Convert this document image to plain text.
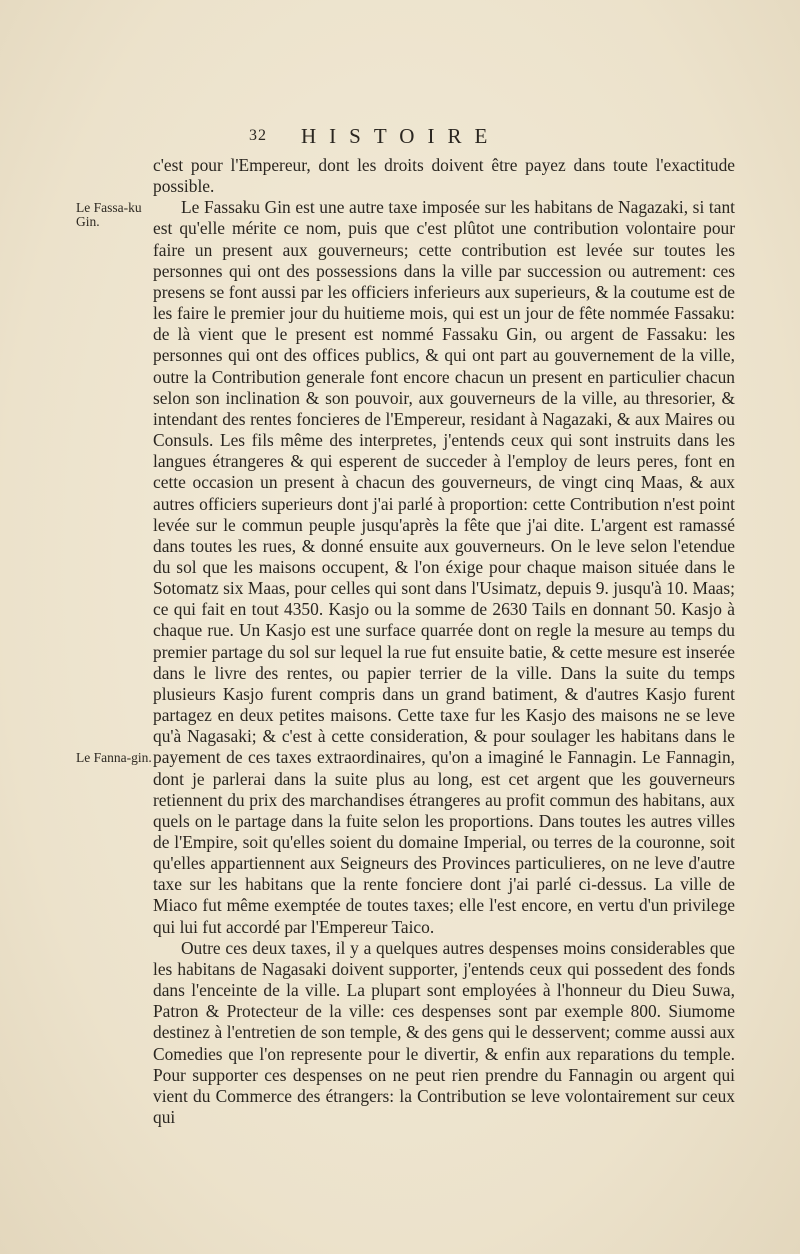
32 HISTOIRE
Le Fassa-ku Gin.
Le Fanna-gin.

c'est pour l'Empereur, dont les droits doivent être payez dans toute l'exactitude possible.

Le Fassaku Gin est une autre taxe imposée sur les habitans de Nagazaki, si tant est qu'elle mérite ce nom, puis que c'est plûtot une contribution volontaire pour faire un present aux gouverneurs; cette contribution est levée sur toutes les personnes qui ont des possessions dans la ville par succession ou autrement: ces presens se font aussi par les officiers inferieurs aux superieurs, & la coutume est de les faire le premier jour du huitieme mois, qui est un jour de fête nommée Fassaku: de là vient que le present est nommé Fassaku Gin, ou argent de Fassaku: les personnes qui ont des offices publics, & qui ont part au gouvernement de la ville, outre la Contribution generale font encore chacun un present en particulier chacun selon son inclination & son pouvoir, aux gouverneurs de la ville, au thresorier, & intendant des rentes foncieres de l'Empereur, residant à Nagazaki, & aux Maires ou Consuls. Les fils même des interpretes, j'entends ceux qui sont instruits dans les langues étrangeres & qui esperent de succeder à l'employ de leurs peres, font en cette occasion un present à chacun des gouverneurs, de vingt cinq Maas, & aux autres officiers superieurs dont j'ai parlé à proportion: cette Contribution n'est point levée sur le commun peuple jusqu'après la fête que j'ai dite. L'argent est ramassé dans toutes les rues, & donné ensuite aux gouverneurs. On le leve selon l'etendue du sol que les maisons occupent, & l'on éxige pour chaque maison située dans le Sotomatz six Maas, pour celles qui sont dans l'Usimatz, depuis 9. jusqu'à 10. Maas; ce qui fait en tout 4350. Kasjo ou la somme de 2630 Tails en donnant 50. Kasjo à chaque rue. Un Kasjo est une surface quarrée dont on regle la mesure au temps du premier partage du sol sur lequel la rue fut ensuite batie, & cette mesure est inserée dans le livre des rentes, ou papier terrier de la ville. Dans la suite du temps plusieurs Kasjo furent compris dans un grand batiment, & d'autres Kasjo furent partagez en deux petites maisons. Cette taxe fur les Kasjo des maisons ne se leve qu'à Nagasaki; & c'est à cette consideration, & pour soulager les habitans dans le payement de ces taxes extraordinaires, qu'on a imaginé le Fannagin. Le Fannagin, dont je parlerai dans la suite plus au long, est cet argent que les gouverneurs retiennent du prix des marchandises étrangeres au profit commun des habitans, aux quels on le partage dans la fuite selon les proportions. Dans toutes les autres villes de l'Empire, soit qu'elles soient du domaine Imperial, ou terres de la couronne, soit qu'elles appartiennent aux Seigneurs des Provinces particulieres, on ne leve d'autre taxe sur les habitans que la rente fonciere dont j'ai parlé ci-dessus. La ville de Miaco fut même exemptée de toutes taxes; elle l'est encore, en vertu d'un privilege qui lui fut accordé par l'Empereur Taico.

Outre ces deux taxes, il y a quelques autres despenses moins considerables que les habitans de Nagasaki doivent supporter, j'entends ceux qui possedent des fonds dans l'enceinte de la ville. La plupart sont employées à l'honneur du Dieu Suwa, Patron & Protecteur de la ville: ces despenses sont par exemple 800. Siumome destinez à l'entretien de son temple, & des gens qui le desservent; comme aussi aux Comedies que l'on represente pour le divertir, & enfin aux reparations du temple. Pour supporter ces despenses on ne peut rien prendre du Fannagin ou argent qui vient du Commerce des étrangers: la Contribution se leve volontairement sur ceux qui
